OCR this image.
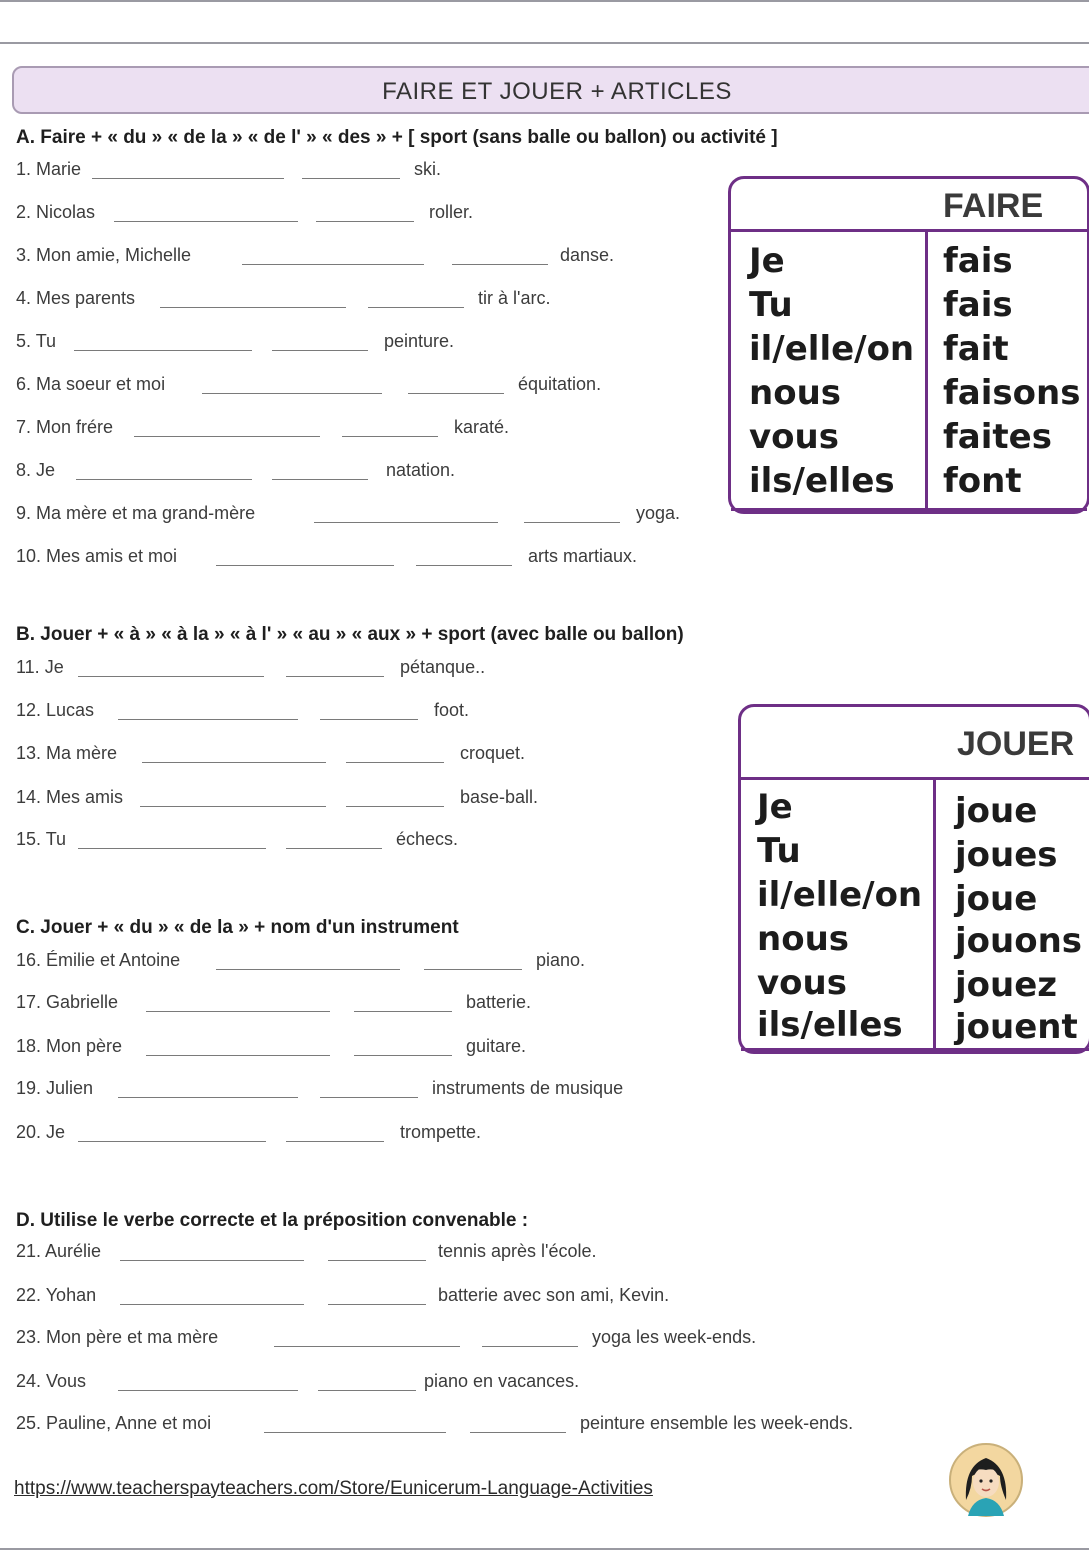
FAIRE ET JOUER + ARTICLES
A. Faire + « du » « de la » « de l' » « des » + [ sport (sans balle ou ballon) ou activité ]
B. Jouer + « à » « à la » « à l' » « au » « aux » + sport (avec balle ou ballon)
C. Jouer + « du » « de la » + nom d'un instrument
D. Utilise le verbe correcte et la préposition convenable :
1. Marie	ski.
2. Nicolas	roller.
3. Mon amie, Michelle	danse.
4. Mes parents	tir à l'arc.
5. Tu	peinture.
6. Ma soeur et moi	équitation.
7. Mon frére	karaté.
8. Je	natation.
9. Ma mère et ma grand-mère	yoga.
10. Mes amis et moi	arts martiaux.
11. Je	pétanque..
12. Lucas	foot.
13. Ma mère	croquet.
14. Mes amis	base-ball.
15. Tu	échecs.
16. Émilie et Antoine	piano.
17. Gabrielle	batterie.
18. Mon père	guitare.
19. Julien	instruments de musique
20. Je	trompette.
21. Aurélie	tennis après l'école.
22. Yohan	batterie avec son ami, Kevin.
23. Mon père et ma mère	yoga les week-ends.
24. Vous	piano en vacances.
25. Pauline, Anne et moi	peinture ensemble les week-ends.
FAIRE
Je	fais
Tu	fais
il/elle/on fait
nous	faisons
vous	faites
ils/elles font
JOUER
Je	joue
Tu	joues
il/elle/on joue
nous	jouons
vous	jouez
ils/elles jouent
https://www.teacherspayteachers.com/Store/Eunicerum-Language-Activities
